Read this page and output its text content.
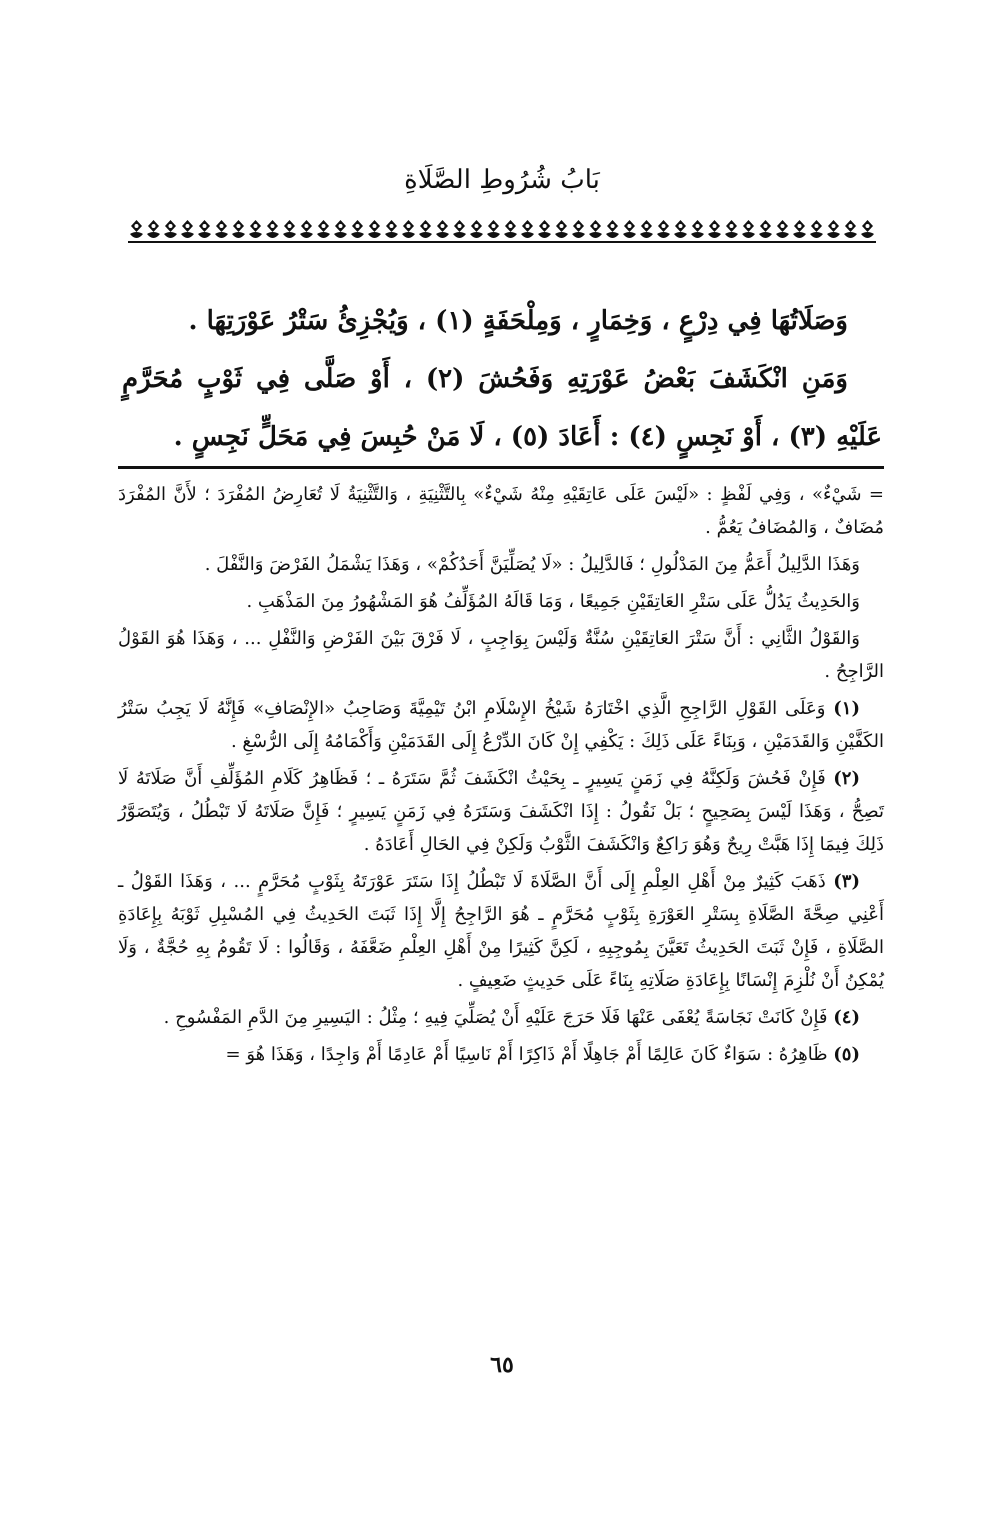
بَابُ شُرُوطِ الصَّلَاةِ

وَصَلَاتُهَا فِي دِرْعٍ ، وَخِمَارٍ ، وَمِلْحَفَةٍ (١) ، وَيُجْزِئُ سَتْرُ عَوْرَتِهَا .

وَمَنِ انْكَشَفَ بَعْضُ عَوْرَتِهِ وَفَحُشَ (٢) ، أَوْ صَلَّى فِي ثَوْبٍ مُحَرَّمٍ عَلَيْهِ (٣) ، أَوْ نَجِسٍ (٤) : أَعَادَ (٥) ، لَا مَنْ حُبِسَ فِي مَحَلٍّ نَجِسٍ .

= شَيْءٌ» ، وَفِي لَفْظٍ : «لَيْسَ عَلَى عَاتِقَيْهِ مِنْهُ شَيْءٌ» بِالتَّثْنِيَةِ ، وَالتَّثْنِيَةُ لَا تُعَارِضُ المُفْرَدَ ؛ لأَنَّ المُفْرَدَ مُضَافٌ ، وَالمُضَافُ يَعُمُّ .

وَهَذَا الدَّلِيلُ أَعَمُّ مِنَ المَدْلُولِ ؛ فَالدَّلِيلُ : «لَا يُصَلِّيَنَّ أَحَدُكُمْ» ، وَهَذَا يَشْمَلُ الفَرْضَ وَالنَّفْلَ .

وَالحَدِيثُ يَدُلُّ عَلَى سَتْرِ العَاتِقَيْنِ جَمِيعًا ، وَمَا قَالَهُ المُؤَلِّفُ هُوَ المَشْهُورُ مِنَ المَذْهَبِ .

وَالقَوْلُ الثَّانِي : أَنَّ سَتْرَ العَاتِقَيْنِ سُنَّةٌ وَلَيْسَ بِوَاجِبٍ ، لَا فَرْقَ بَيْنَ الفَرْضِ وَالنَّفْلِ ... ، وَهَذَا هُوَ القَوْلُ الرَّاجِحُ .

(١) وَعَلَى القَوْلِ الرَّاجِحِ الَّذِي اخْتَارَهُ شَيْخُ الإِسْلَامِ ابْنُ تَيْمِيَّةَ وَصَاحِبُ «الإِنْصَافِ» فَإِنَّهُ لَا يَجِبُ سَتْرُ الكَفَّيْنِ وَالقَدَمَيْنِ ، وَبِنَاءً عَلَى ذَلِكَ : يَكْفِي إِنْ كَانَ الدِّرْعُ إِلَى القَدَمَيْنِ وَأَكْمَامُهُ إِلَى الرُّسْغِ .

(٢) فَإِنْ فَحُشَ وَلَكِنَّهُ فِي زَمَنٍ يَسِيرٍ ـ بِحَيْثُ انْكَشَفَ ثُمَّ سَتَرَهُ ـ ؛ فَظَاهِرُ كَلَامِ المُؤَلِّفِ أَنَّ صَلَاتَهُ لَا تَصِحُّ ، وَهَذَا لَيْسَ بِصَحِيحٍ ؛ بَلْ نَقُولُ : إِذَا انْكَشَفَ وَسَتَرَهُ فِي زَمَنٍ يَسِيرٍ ؛ فَإِنَّ صَلَاتَهُ لَا تَبْطُلُ ، وَيُتَصَوَّرُ ذَلِكَ فِيمَا إِذَا هَبَّتْ رِيحٌ وَهُوَ رَاكِعٌ وَانْكَشَفَ الثَّوْبُ وَلَكِنْ فِي الحَالِ أَعَادَهُ .

(٣) ذَهَبَ كَثِيرٌ مِنْ أَهْلِ العِلْمِ إِلَى أَنَّ الصَّلَاةَ لَا تَبْطُلُ إِذَا سَتَرَ عَوْرَتَهُ بِثَوْبٍ مُحَرَّمٍ ... ، وَهَذَا القَوْلُ ـ أَعْنِي صِحَّةَ الصَّلَاةِ بِسَتْرِ العَوْرَةِ بِثَوْبٍ مُحَرَّمٍ ـ هُوَ الرَّاجِحُ إِلَّا إِذَا ثَبَتَ الحَدِيثُ فِي المُسْبِلِ ثَوْبَهُ بِإِعَادَةِ الصَّلَاةِ ، فَإِنْ ثَبَتَ الحَدِيثُ تَعَيَّنَ بِمُوجِبِهِ ، لَكِنَّ كَثِيرًا مِنْ أَهْلِ العِلْمِ ضَعَّفَهُ ، وَقَالُوا : لَا تَقُومُ بِهِ حُجَّةٌ ، وَلَا يُمْكِنُ أَنْ نُلْزِمَ إِنْسَانًا بِإِعَادَةِ صَلَاتِهِ بِنَاءً عَلَى حَدِيثٍ ضَعِيفٍ .

(٤) فَإِنْ كَانَتْ نَجَاسَةً يُعْفَى عَنْهَا فَلَا حَرَجَ عَلَيْهِ أَنْ يُصَلِّيَ فِيهِ ؛ مِثْلُ : اليَسِيرِ مِنَ الدَّمِ المَفْسُوحِ .

(٥) ظَاهِرُهُ : سَوَاءٌ كَانَ عَالِمًا أَمْ جَاهِلًا أَمْ ذَاكِرًا أَمْ نَاسِيًا أَمْ عَادِمًا أَمْ وَاجِدًا ، وَهَذَا هُوَ =

٦٥
